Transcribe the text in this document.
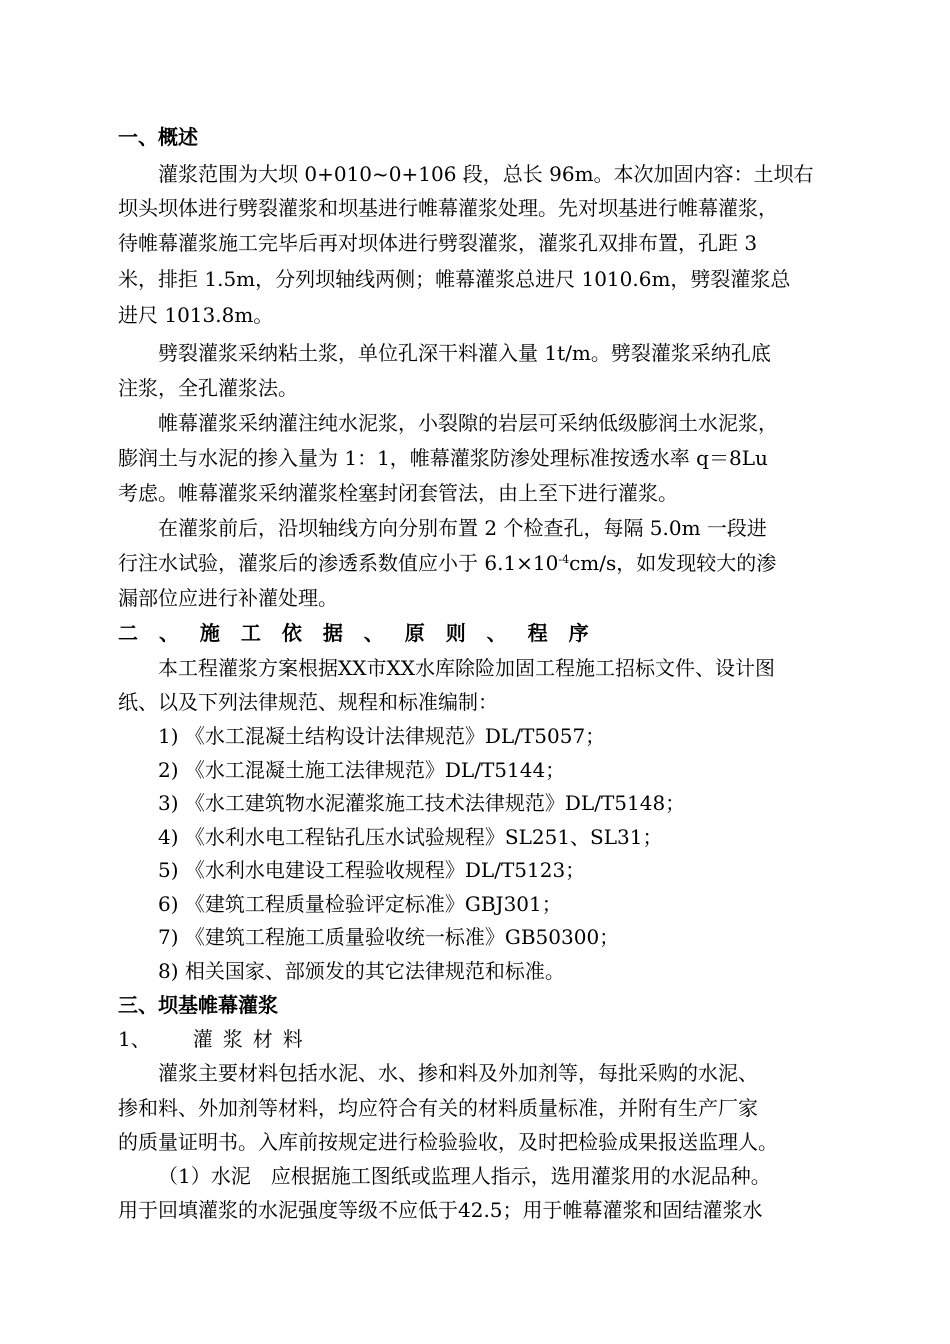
一、概述
灌浆范围为大坝 0+010~0+106 段，总长 96m。本次加固内容：土坝右
坝头坝体进行劈裂灌浆和坝基进行帷幕灌浆处理。先对坝基进行帷幕灌浆，
待帷幕灌浆施工完毕后再对坝体进行劈裂灌浆，灌浆孔双排布置，孔距 3
米，排拒 1.5m，分列坝轴线两侧；帷幕灌浆总进尺 1010.6m，劈裂灌浆总
进尺 1013.8m。
劈裂灌浆采纳粘土浆，单位孔深干料灌入量 1t/m。劈裂灌浆采纳孔底
注浆，全孔灌浆法。
帷幕灌浆采纳灌注纯水泥浆，小裂隙的岩层可采纳低级膨润土水泥浆，
膨润土与水泥的掺入量为 1：1，帷幕灌浆防渗处理标准按透水率 q＝8Lu
考虑。帷幕灌浆采纳灌浆栓塞封闭套管法，由上至下进行灌浆。
在灌浆前后，沿坝轴线方向分别布置 2 个检查孔，每隔 5.0m 一段进
行注水试验，灌浆后的渗透系数值应小于 $6.1\times 10^{-4}cm/s$，如发现较大的渗
漏部位应进行补灌处理。
二 、 施 工 依 据 、 原 则 、 程 序
本工程灌浆方案根据XX市XX水库除险加固工程施工招标文件、设计图
纸、以及下列法律规范、规程和标准编制：
1) 《水工混凝土结构设计法律规范》DL/T5057；
2) 《水工混凝土施工法律规范》DL/T5144；
3) 《水工建筑物水泥灌浆施工技术法律规范》DL/T5148；
4) 《水利水电工程钻孔压水试验规程》SL251、SL31；
5) 《水利水电建设工程验收规程》DL/T5123；
6) 《建筑工程质量检验评定标准》GBJ301；
7) 《建筑工程施工质量验收统一标准》GB50300；
8) 相关国家、部颁发的其它法律规范和标准。
三、坝基帷幕灌浆
1、 灌浆材料
灌浆主要材料包括水泥、水、掺和料及外加剂等，每批采购的水泥、
掺和料、外加剂等材料，均应符合有关的材料质量标准，并附有生产厂家
的质量证明书。入库前按规定进行检验验收，及时把检验成果报送监理人。
（1）水泥　应根据施工图纸或监理人指示，选用灌浆用的水泥品种。
用于回填灌浆的水泥强度等级不应低于42.5；用于帷幕灌浆和固结灌浆水
